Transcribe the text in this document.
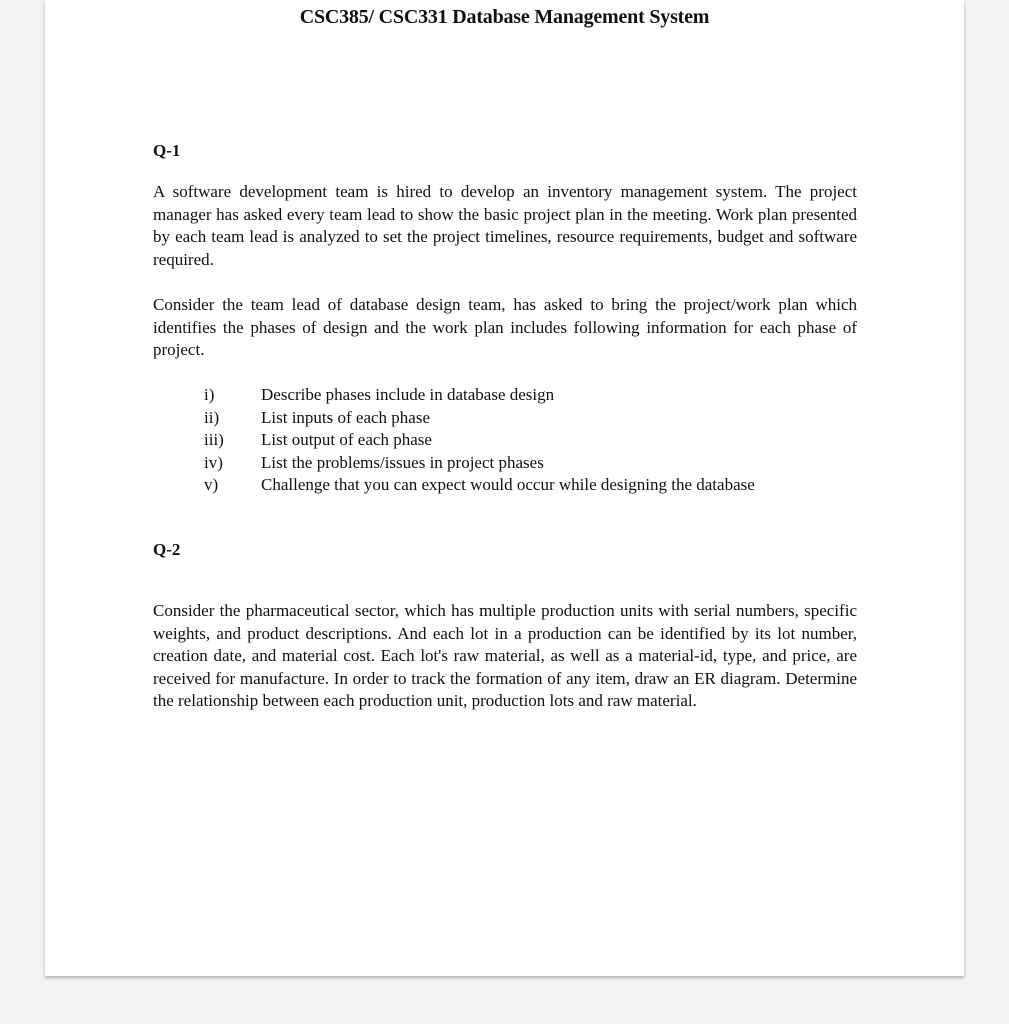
CSC385/ CSC331 Database Management System

Q-1

A software development team is hired to develop an inventory management system. The project manager has asked every team lead to show the basic project plan in the meeting. Work plan presented by each team lead is analyzed to set the project timelines, resource requirements, budget and software required.

Consider the team lead of database design team, has asked to bring the project/work plan which identifies the phases of design and the work plan includes following information for each phase of project.

i)	Describe phases include in database design
ii)	List inputs of each phase
iii)	List output of each phase
iv)	List the problems/issues in project phases
v)	Challenge that you can expect would occur while designing the database

Q-2

Consider the pharmaceutical sector, which has multiple production units with serial numbers, specific weights, and product descriptions. And each lot in a production can be identified by its lot number, creation date, and material cost. Each lot's raw material, as well as a material-id, type, and price, are received for manufacture. In order to track the formation of any item, draw an ER diagram. Determine the relationship between each production unit, production lots and raw material.
